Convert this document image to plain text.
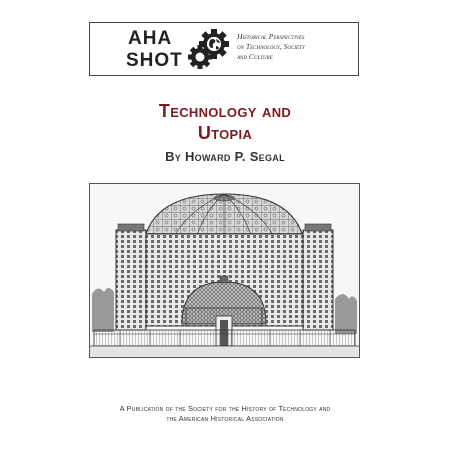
AHA
SHOT
Historical Perspectives
on Technology, Society
and Culture
Technology and
Utopia
By Howard P. Segal
A Publication of the Society for the History of Technology and
the American Historical Association
